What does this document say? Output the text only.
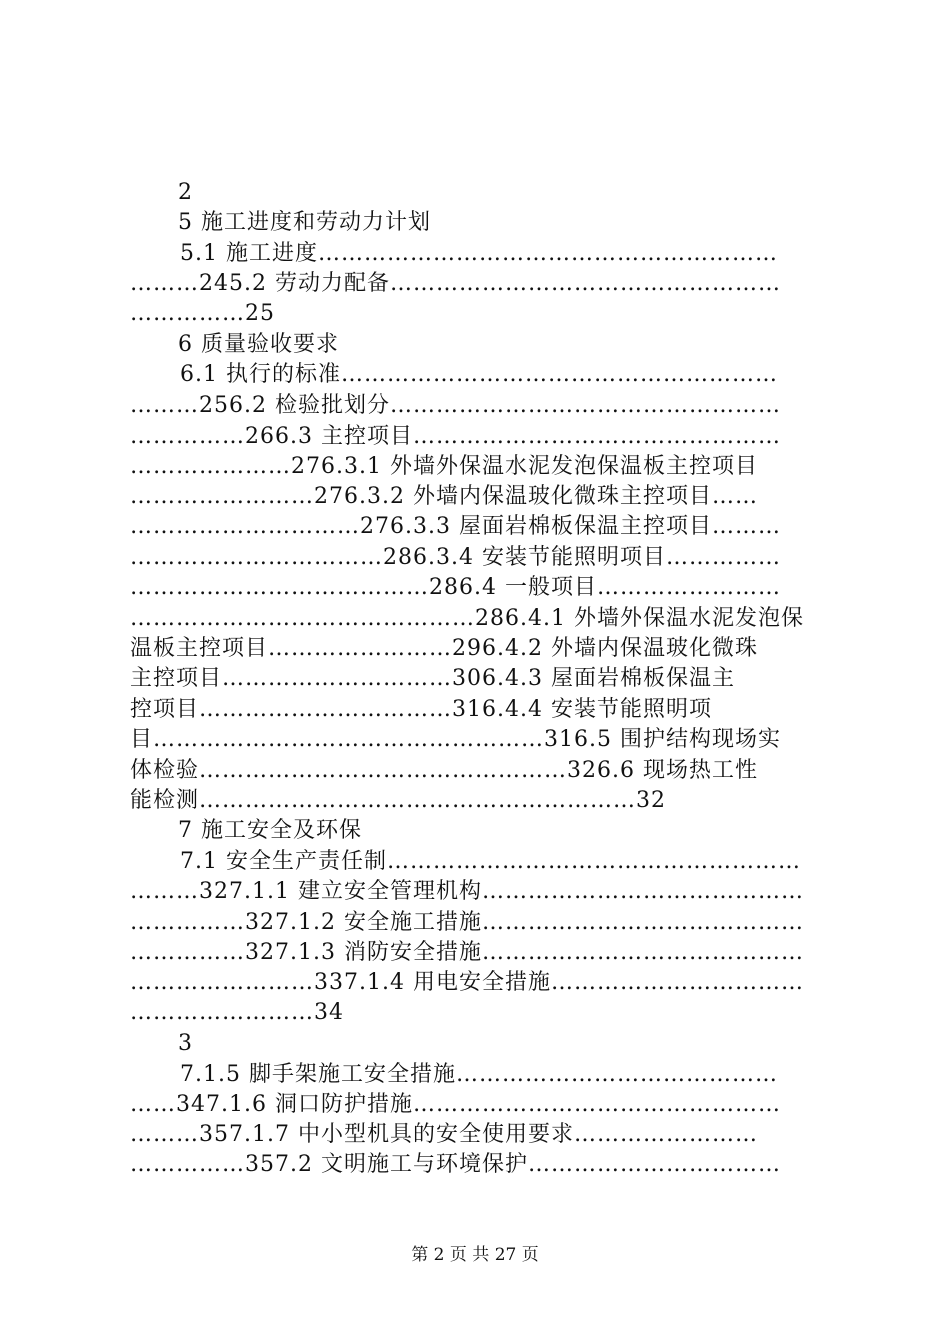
2
5 施工进度和劳动力计划
5.1 施工进度……………………………………………………
………245.2 劳动力配备……………………………………………
……………25
6 质量验收要求
6.1 执行的标准…………………………………………………
………256.2 检验批划分……………………………………………
……………266.3 主控项目…………………………………………
…………………276.3.1 外墙外保温水泥发泡保温板主控项目
……………………276.3.2 外墙内保温玻化微珠主控项目……
…………………………276.3.3 屋面岩棉板保温主控项目………
……………………………286.3.4 安装节能照明项目……………
…………………………………286.4 一般项目……………………
………………………………………286.4.1 外墙外保温水泥发泡保
温板主控项目……………………296.4.2 外墙内保温玻化微珠
主控项目…………………………306.4.3 屋面岩棉板保温主
控项目……………………………316.4.4 安装节能照明项
目……………………………………………316.5 围护结构现场实
体检验…………………………………………326.6 现场热工性
能检测…………………………………………………32
7 施工安全及环保
7.1 安全生产责任制………………………………………………
………327.1.1 建立安全管理机构……………………………………
……………327.1.2 安全施工措施……………………………………
……………327.1.3 消防安全措施……………………………………
……………………337.1.4 用电安全措施……………………………
……………………34
3
7.1.5 脚手架施工安全措施……………………………………
……347.1.6 洞口防护措施…………………………………………
………357.1.7 中小型机具的安全使用要求……………………
……………357.2 文明施工与环境保护……………………………
第 2 页 共 27 页
